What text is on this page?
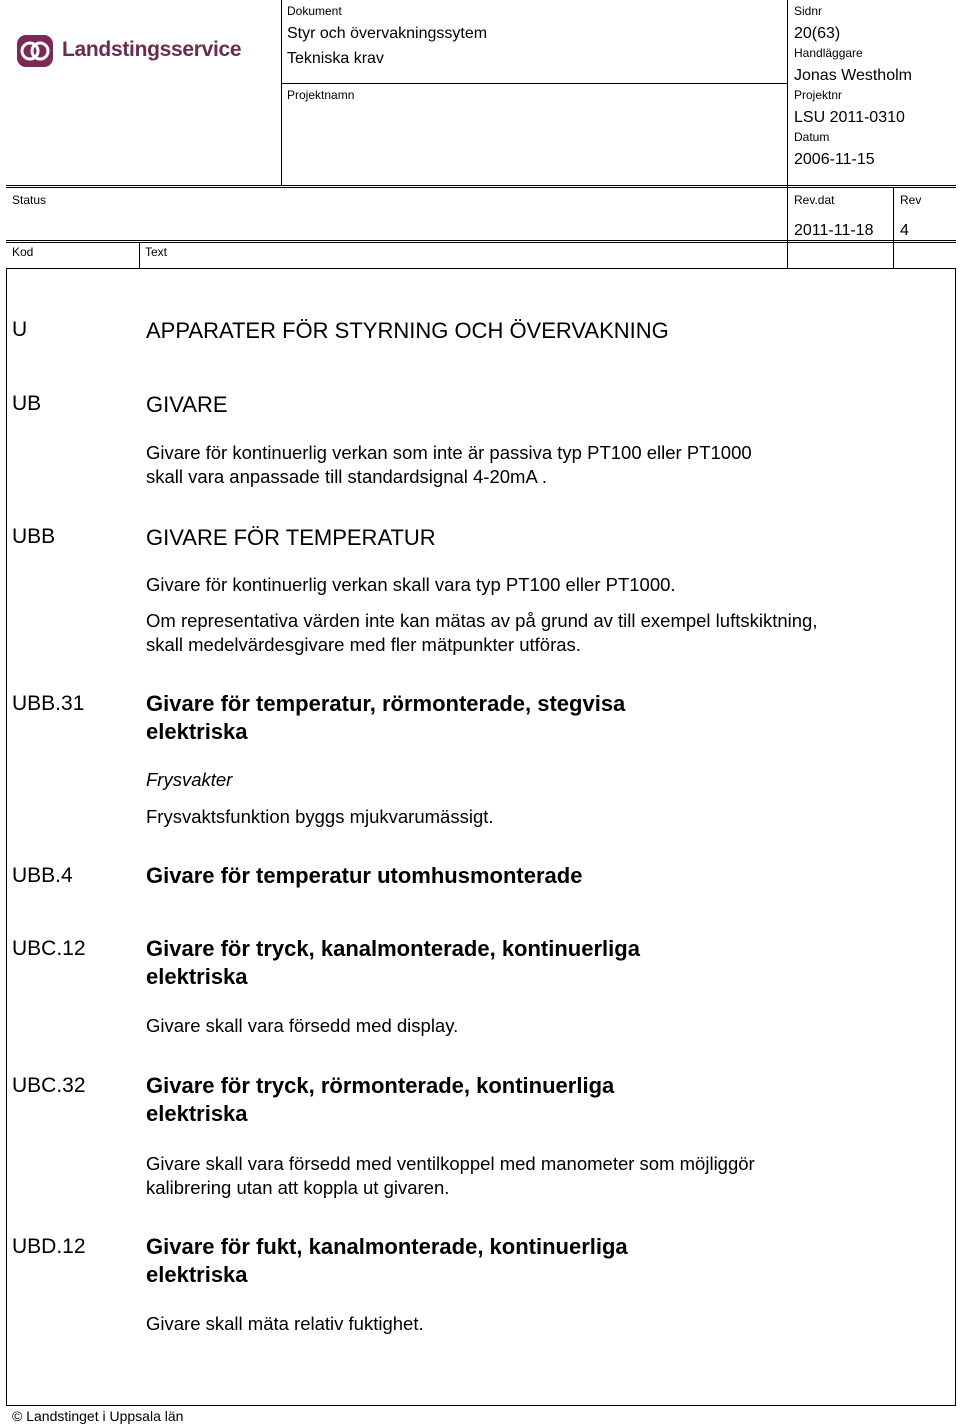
Landstingsservice
Dokument
Styr och övervakningssytem
Tekniska krav
Sidnr
20(63)
Handläggare
Jonas Westholm
Projektnamn	Projektnr
LSU 2011-0310
Datum
2006-11-15
Status	Rev.dat	Rev
2011-11-18 4
Kod	Text
U	APPARATER FÖR STYRNING OCH ÖVERVAKNING
UB	GIVARE

Givare för kontinuerlig verkan som inte är passiva typ PT100 eller PT1000 skall vara anpassade till standardsignal 4-20mA .

UBB	GIVARE FÖR TEMPERATUR

Givare för kontinuerlig verkan skall vara typ PT100 eller PT1000.

Om representativa värden inte kan mätas av på grund av till exempel luftskiktning, skall medelvärdesgivare med fler mätpunkter utföras.

UBB.31	Givare för temperatur, rörmonterade, stegvisa elektriska

Frysvakter

Frysvaktsfunktion byggs mjukvarumässigt.

UBB.4	Givare för temperatur utomhusmonterade

UBC.12	Givare för tryck, kanalmonterade, kontinuerliga elektriska

Givare skall vara försedd med display.

UBC.32	Givare för tryck, rörmonterade, kontinuerliga elektriska

Givare skall vara försedd med ventilkoppel med manometer som möjliggör kalibrering utan att koppla ut givaren.

UBD.12	Givare för fukt, kanalmonterade, kontinuerliga elektriska

Givare skall mäta relativ fuktighet.

© Landstinget i Uppsala län
